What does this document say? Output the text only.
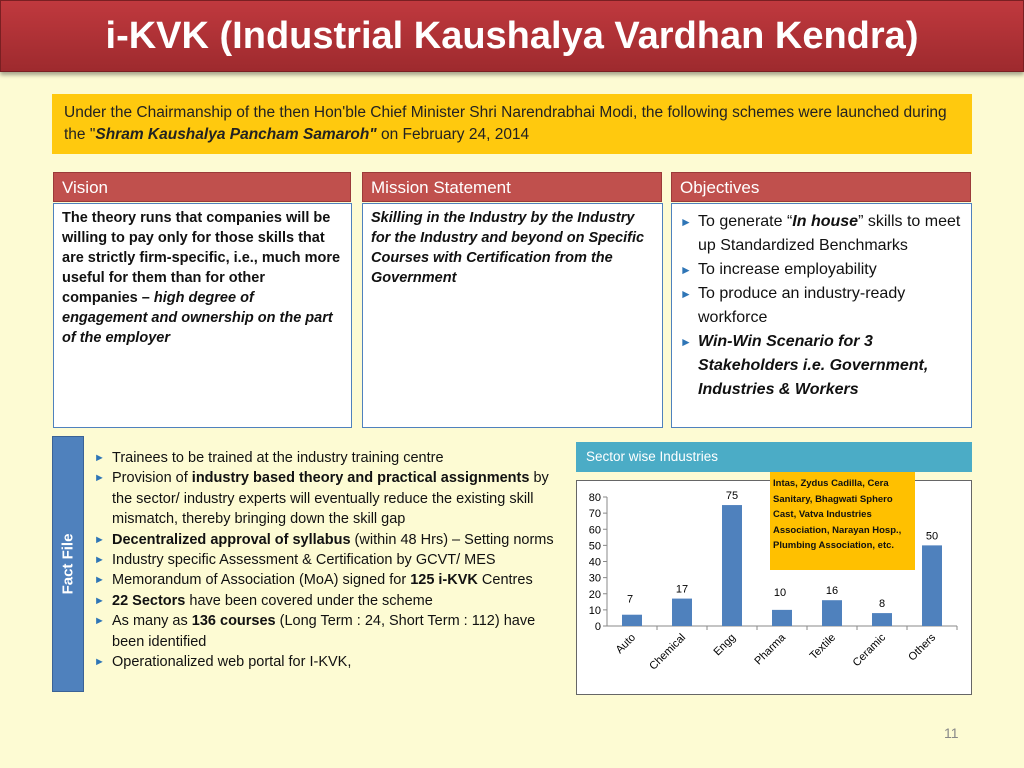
i-KVK (Industrial Kaushalya Vardhan Kendra)
Under the Chairmanship of the then Hon'ble Chief Minister Shri Narendrabhai Modi, the following schemes were launched during the "Shram Kaushalya Pancham Samaroh" on February 24, 2014
Vision
The theory runs that companies will be willing to pay only for those skills that are strictly firm-specific, i.e., much more useful for them than for other companies – high degree of engagement and ownership on the part of the employer
Mission Statement
Skilling in the Industry by the Industry for the Industry and beyond on Specific Courses with Certification from the Government
Objectives
► To generate “In house” skills to meet up Standardized Benchmarks
► To increase employability
► To produce an industry-ready workforce
► Win-Win Scenario for 3 Stakeholders i.e. Government, Industries & Workers
Fact File
► Trainees to be trained at the industry training centre
► Provision of industry based theory and practical assignments by the sector/ industry experts will eventually reduce the existing skill mismatch, thereby bringing down the skill gap
► Decentralized approval of syllabus (within 48 Hrs) – Setting norms
► Industry specific Assessment & Certification by GCVT/ MES
► Memorandum of Association (MoA) signed for 125 i-KVK Centres
► 22 Sectors have been covered under the scheme
► As many as 136 courses (Long Term : 24, Short Term : 112) have been identified
► Operationalized web portal for I-KVK,
Sector wise Industries
0
10
20
30
40
50
60
70
80
7
Auto
17
Chemical
75
Engg
10
Pharma
16
Textile
8
Ceramic
50
Others
Intas, Zydus Cadilla, Cera Sanitary, Bhagwati Sphero Cast, Vatva Industries Association, Narayan Hosp., Plumbing Association, etc.
11
